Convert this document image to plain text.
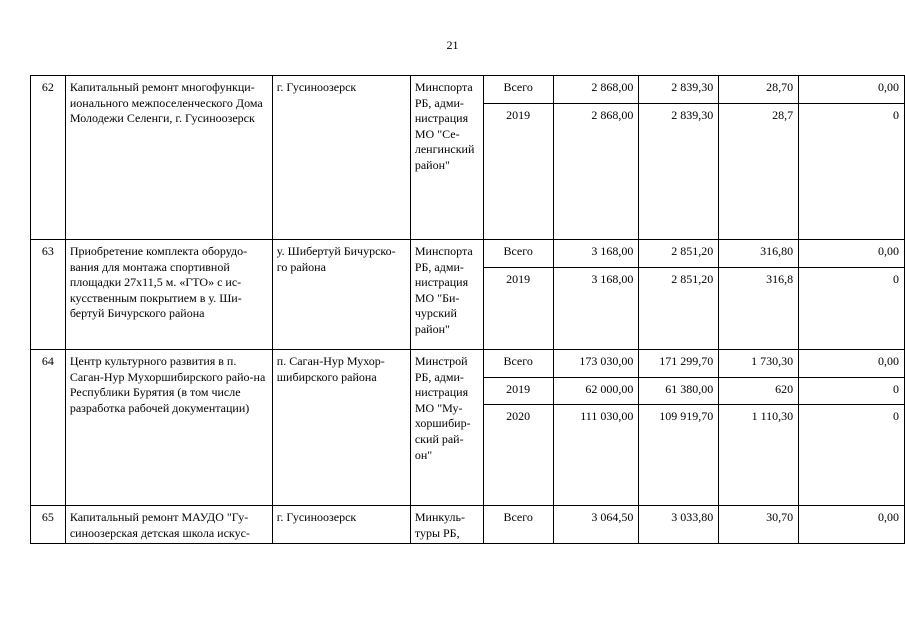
21
62	Капитальный ремонт многофункци-ионального межпоселенческого Дома Молодежи Селенги, г. Гусиноозерск	г. Гусиноозерск	Минспорта РБ, адми-нистрация МО "Се-ленгинский район"	Всего	2 868,00	2 839,30	28,70	0,00
				2019	2 868,00	2 839,30	28,7	0
63	Приобретение комплекта оборудо-вания для монтажа спортивной площадки 27x11,5 м. «ГТО» с ис-кусственным покрытием в у. Ши-бертуй Бичурского района	у. Шибертуй Бичурско-го района	Минспорта РБ, адми-нистрация МО "Би-чурский район"	Всего	3 168,00	2 851,20	316,80	0,00
				2019	3 168,00	2 851,20	316,8	0
64	Центр культурного развития в п. Саган-Нур Мухоршибирского райо-на Республики Бурятия (в том числе разработка рабочей документации)	п. Саган-Нур Мухор-шибирского района	Минстрой РБ, адми-нистрация МО "Му-хоршибир-ский рай-он"	Всего	173 030,00	171 299,70	1 730,30	0,00
				2019	62 000,00	61 380,00	620	0
				2020	111 030,00	109 919,70	1 110,30	0
65	Капитальный ремонт МАУДО "Гу-синоозерская детская школа искус-	г. Гусиноозерск	Минкуль-туры РБ,	Всего	3 064,50	3 033,80	30,70	0,00
